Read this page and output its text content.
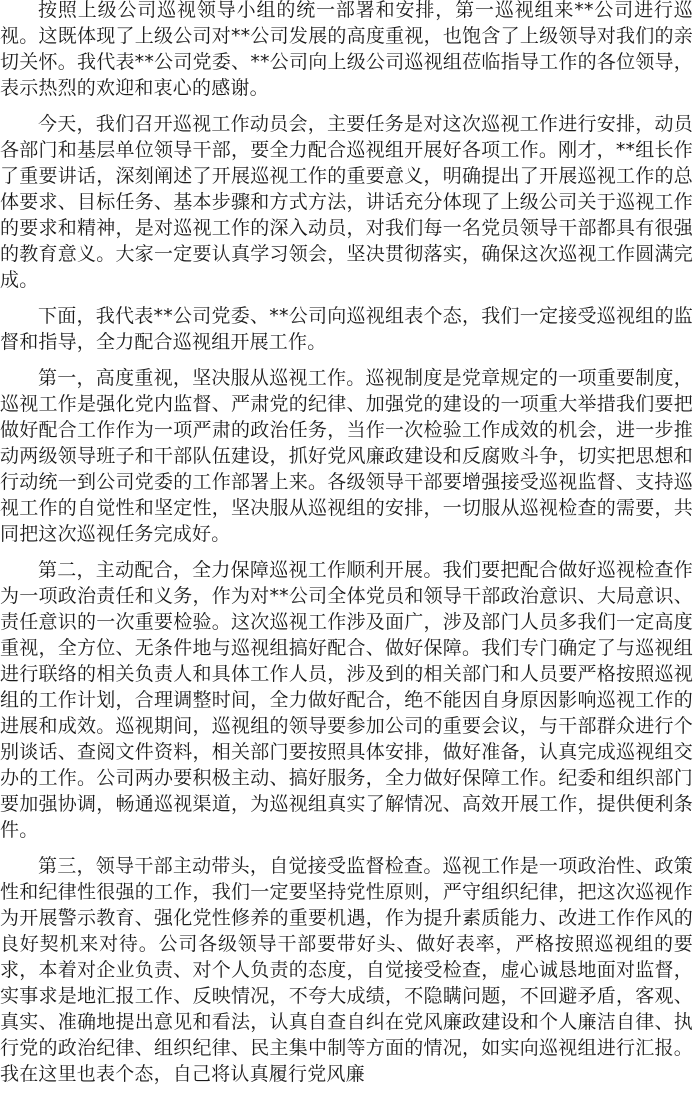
按照上级公司巡视领导小组的统一部署和安排，第一巡视组来**公司进行巡视。这既体现了上级公司对**公司发展的高度重视，也饱含了上级领导对我们的亲切关怀。我代表**公司党委、**公司向上级公司巡视组莅临指导工作的各位领导，表示热烈的欢迎和衷心的感谢。

今天，我们召开巡视工作动员会，主要任务是对这次巡视工作进行安排，动员各部门和基层单位领导干部，要全力配合巡视组开展好各项工作。刚才，**组长作了重要讲话，深刻阐述了开展巡视工作的重要意义，明确提出了开展巡视工作的总体要求、目标任务、基本步骤和方式方法，讲话充分体现了上级公司关于巡视工作的要求和精神，是对巡视工作的深入动员，对我们每一名党员领导干部都具有很强的教育意义。大家一定要认真学习领会，坚决贯彻落实，确保这次巡视工作圆满完成。

下面，我代表**公司党委、**公司向巡视组表个态，我们一定接受巡视组的监督和指导，全力配合巡视组开展工作。

第一，高度重视，坚决服从巡视工作。巡视制度是党章规定的一项重要制度，巡视工作是强化党内监督、严肃党的纪律、加强党的建设的一项重大举措我们要把做好配合工作作为一项严肃的政治任务，当作一次检验工作成效的机会，进一步推动两级领导班子和干部队伍建设，抓好党风廉政建设和反腐败斗争，切实把思想和行动统一到公司党委的工作部署上来。各级领导干部要增强接受巡视监督、支持巡视工作的自觉性和坚定性，坚决服从巡视组的安排，一切服从巡视检查的需要，共同把这次巡视任务完成好。

第二，主动配合，全力保障巡视工作顺利开展。我们要把配合做好巡视检查作为一项政治责任和义务，作为对**公司全体党员和领导干部政治意识、大局意识、责任意识的一次重要检验。这次巡视工作涉及面广，涉及部门人员多我们一定高度重视，全方位、无条件地与巡视组搞好配合、做好保障。我们专门确定了与巡视组进行联络的相关负责人和具体工作人员，涉及到的相关部门和人员要严格按照巡视组的工作计划，合理调整时间，全力做好配合，绝不能因自身原因影响巡视工作的进展和成效。巡视期间，巡视组的领导要参加公司的重要会议，与干部群众进行个别谈话、查阅文件资料，相关部门要按照具体安排，做好准备，认真完成巡视组交办的工作。公司两办要积极主动、搞好服务，全力做好保障工作。纪委和组织部门要加强协调，畅通巡视渠道，为巡视组真实了解情况、高效开展工作，提供便利条件。

第三，领导干部主动带头，自觉接受监督检查。巡视工作是一项政治性、政策性和纪律性很强的工作，我们一定要坚持党性原则，严守组织纪律，把这次巡视作为开展警示教育、强化党性修养的重要机遇，作为提升素质能力、改进工作作风的良好契机来对待。公司各级领导干部要带好头、做好表率，严格按照巡视组的要求，本着对企业负责、对个人负责的态度，自觉接受检查，虚心诚恳地面对监督，实事求是地汇报工作、反映情况，不夸大成绩，不隐瞒问题，不回避矛盾，客观、真实、准确地提出意见和看法，认真自查自纠在党风廉政建设和个人廉洁自律、执行党的政治纪律、组织纪律、民主集中制等方面的情况，如实向巡视组进行汇报。我在这里也表个态，自己将认真履行党风廉
